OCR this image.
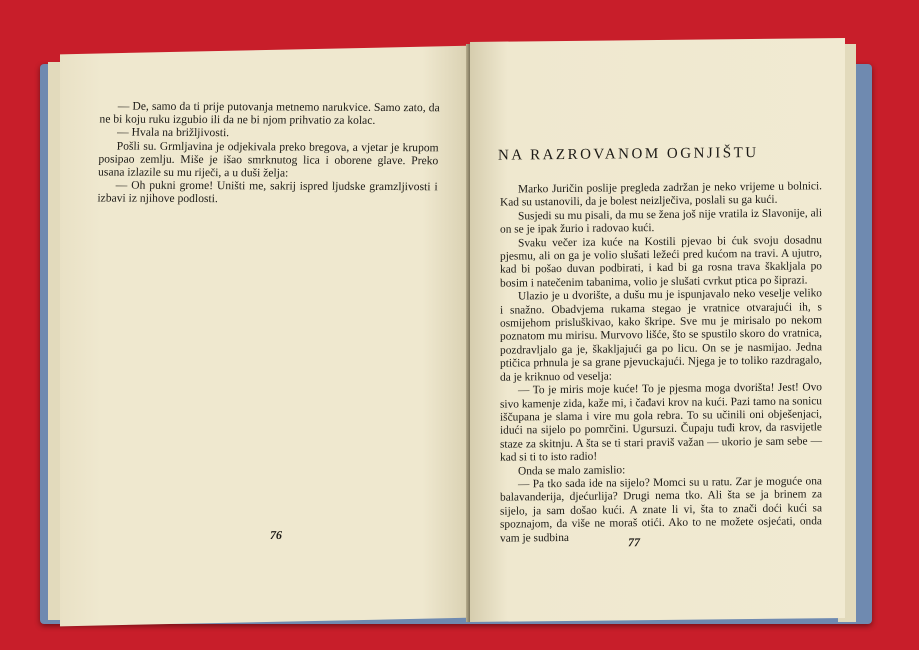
— De, samo da ti prije putovanja metnemo narukvice. Samo zato, da ne bi koju ruku izgubio ili da ne bi njom prihvatio za kolac.

— Hvala na brižljivosti.

Pošli su. Grmljavina je odjekivala preko bregova, a vjetar je krupom posipao zemlju. Miše je išao smrknutog lica i oborene glave. Preko usana izlazile su mu riječi, a u duši želja:

— Oh pukni grome! Uništi me, sakrij ispred ljudske gramzljivosti i izbavi iz njihove podlosti.

76
NA RAZROVANOM OGNJIŠTU

Marko Juričin poslije pregleda zadržan je neko vrijeme u bolnici. Kad su ustanovili, da je bolest neizlječiva, poslali su ga kući.

Susjedi su mu pisali, da mu se žena još nije vratila iz Slavonije, ali on se je ipak žurio i radovao kući.

Svaku večer iza kuće na Kostili pjevao bi ćuk svoju dosadnu pjesmu, ali on ga je volio slušati ležeći pred kućom na travi. A ujutro, kad bi pošao duvan podbirati, i kad bi ga rosna trava škakljala po bosim i natečenim tabanima, volio je slušati cvrkut ptica po šiprazi.

Ulazio je u dvorište, a dušu mu je ispunjavalo neko veselje veliko i snažno. Obadvjema rukama stegao je vratnice otvarajući ih, s osmijehom prisluškivao, kako škripe. Sve mu je mirisalo po nekom poznatom mu mirisu. Murvovo lišće, što se spustilo skoro do vratnica, pozdravljalo ga je, škakljajući ga po licu. On se je nasmijao. Jedna ptičica prhnula je sa grane pjevuckajući. Njega je to toliko razdragalo, da je kriknuo od veselja:

— To je miris moje kuće! To je pjesma moga dvorišta! Jest! Ovo sivo kamenje zida, kaže mi, i čađavi krov na kući. Pazi tamo na sonicu iščupana je slama i vire mu gola rebra. To su učinili oni obješenjaci, idući na sijelo po pomrčini. Ugursuzi. Čupaju tuđi krov, da rasvijetle staze za skitnju. A šta se ti stari praviš važan — ukorio je sam sebe — kad si ti to isto radio!

Onda se malo zamislio:

— Pa tko sada ide na sijelo? Momci su u ratu. Zar je moguće ona balavanderija, djećurlija? Drugi nema tko. Ali šta se ja brinem za sijelo, ja sam došao kući. A znate li vi, šta to znači doći kući sa spoznajom, da više ne moraš otići. Ako to ne možete osjećati, onda vam je sudbina	77
